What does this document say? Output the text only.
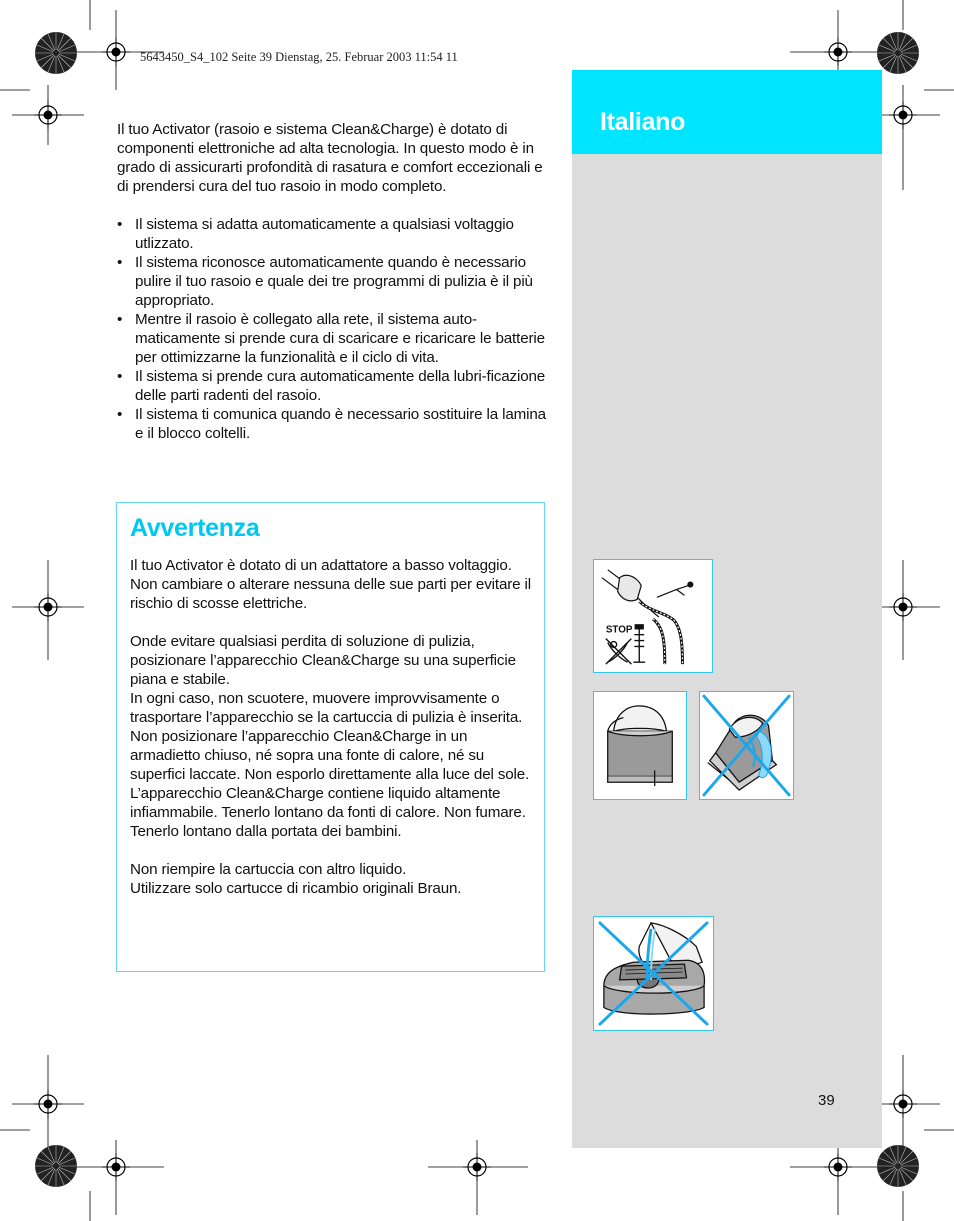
5643450_S4_102 Seite 39 Dienstag, 25. Februar 2003 11:54 11
Italiano
39

Il tuo Activator (rasoio e sistema Clean&Charge) è dotato di componenti elettroniche ad alta tecnologia. In questo modo è in grado di assicurarti profondità di rasatura e comfort eccezionali e di prendersi cura del tuo rasoio in modo completo.

• Il sistema si adatta automaticamente a qualsiasi voltaggio utlizzato.
• Il sistema riconosce automaticamente quando è necessario pulire il tuo rasoio e quale dei tre programmi di pulizia è il più appropriato.
• Mentre il rasoio è collegato alla rete, il sistema auto-maticamente si prende cura di scaricare e ricaricare le batterie per ottimizzarne la funzionalità e il ciclo di vita.
• Il sistema si prende cura automaticamente della lubri-ficazione delle parti radenti del rasoio.
• Il sistema ti comunica quando è necessario sostituire la lamina e il blocco coltelli.
Avvertenza

Il tuo Activator è dotato di un adattatore a basso voltaggio. Non cambiare o alterare nessuna delle sue parti per evitare il rischio di scosse elettriche.

Onde evitare qualsiasi perdita di soluzione di pulizia, posizionare l’apparecchio Clean&Charge su una superficie piana e stabile.

In ogni caso, non scuotere, muovere improvvisamente o trasportare l’apparecchio se la cartuccia di pulizia è inserita.

Non posizionare l’apparecchio Clean&Charge in un armadietto chiuso, né sopra una fonte di calore, né su superfici laccate. Non esporlo direttamente alla luce del sole.

L’apparecchio Clean&Charge contiene liquido altamente infiammabile. Tenerlo lontano da fonti di calore. Non fumare. Tenerlo lontano dalla portata dei bambini.

Non riempire la cartuccia con altro liquido.

Utilizzare solo cartucce di ricambio originali Braun.

STOP
